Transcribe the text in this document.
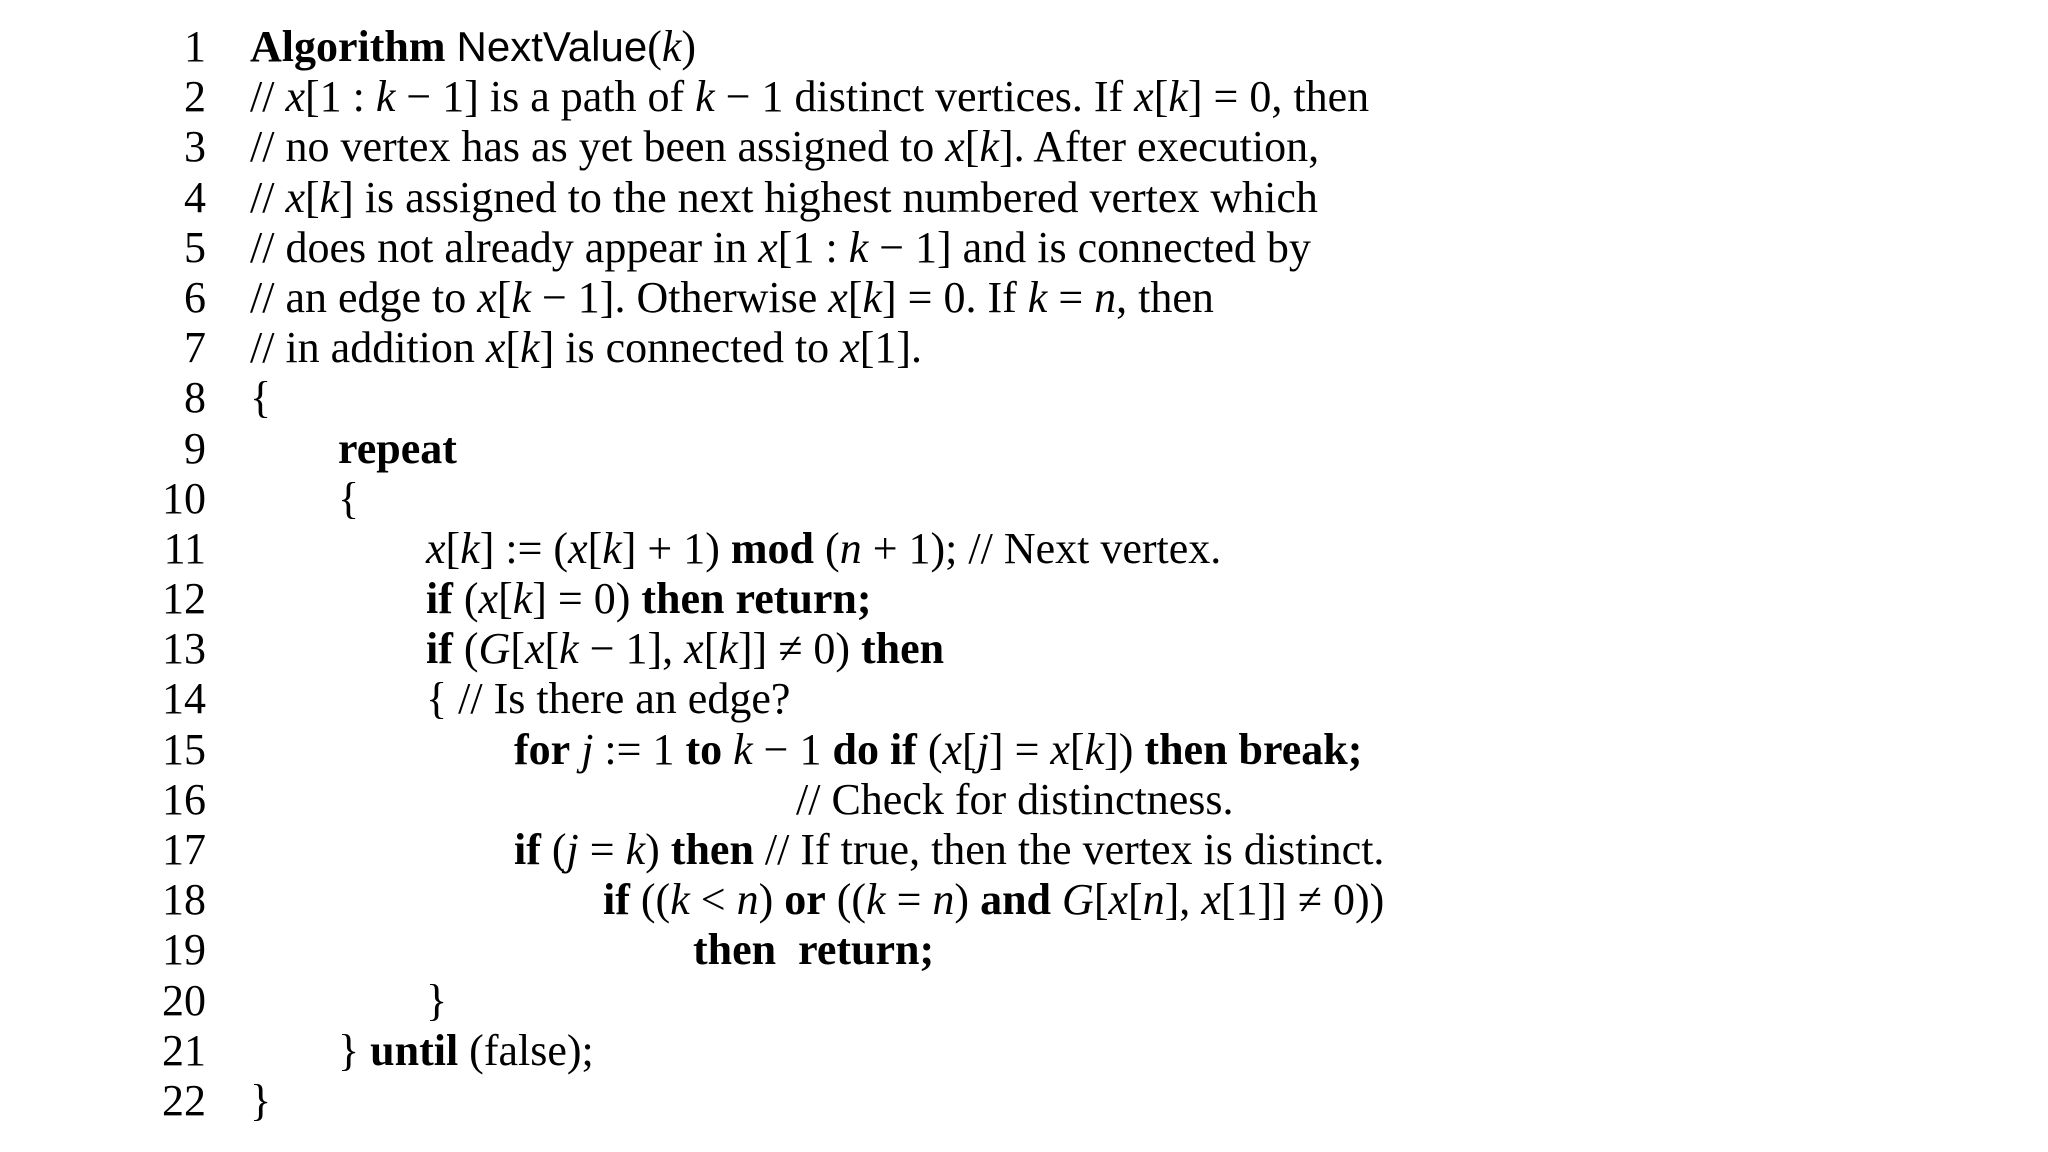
1 Algorithm NextValue(k)
2 // x[1 : k − 1] is a path of k − 1 distinct vertices. If x[k] = 0, then
3 // no vertex has as yet been assigned to x[k]. After execution,
4 // x[k] is assigned to the next highest numbered vertex which
5 // does not already appear in x[1 : k − 1] and is connected by
6 // an edge to x[k − 1]. Otherwise x[k] = 0. If k = n, then
7 // in addition x[k] is connected to x[1].
8 {
9	repeat
10	{
11	x[k] := (x[k] + 1) mod (n + 1); // Next vertex.
12	if (x[k] = 0) then return;
13	if (G[x[k − 1], x[k]] ≠ 0) then
14	{ // Is there an edge?
15	for j := 1 to k − 1 do if (x[j] = x[k]) then break;
16	// Check for distinctness.
17	if (j = k) then // If true, then the vertex is distinct.
18	if ((k < n) or ((k = n) and G[x[n], x[1]] ≠ 0))
19	then  return;
20	}
21	} until (false);
22 }
